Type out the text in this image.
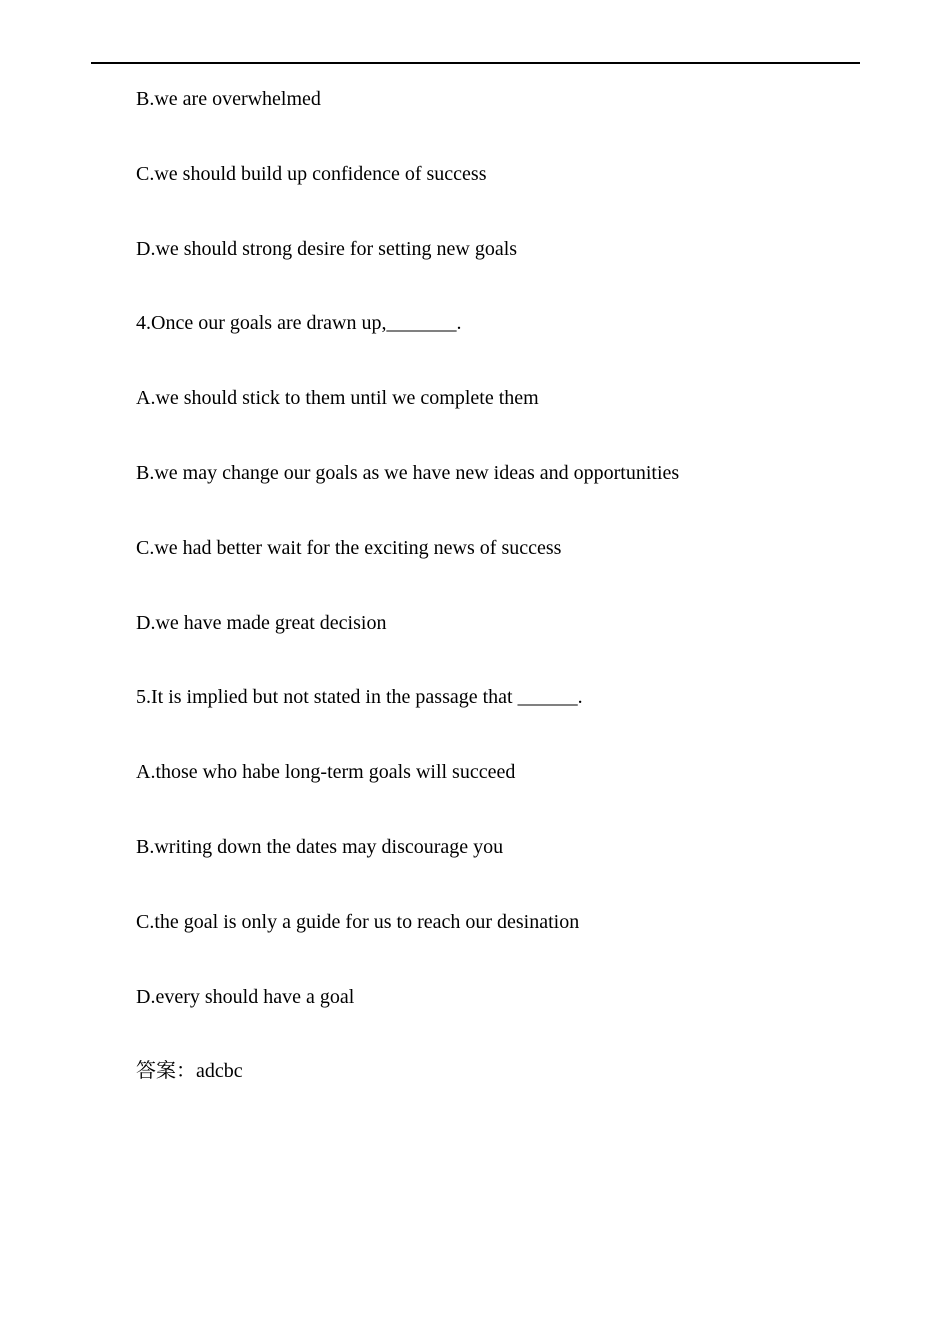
B.we are overwhelmed
C.we should build up confidence of success
D.we should strong desire for setting new goals
4.Once our goals are drawn up,_______.
A.we should stick to them until we complete them
B.we may change our goals as we have new ideas and opportunities
C.we had better wait for the exciting news of success
D.we have made great decision
5.It is implied but not stated in the passage that ______.
A.those who habe long-term goals will succeed
B.writing down the dates may discourage you
C.the goal is only a guide for us to reach our desination
D.every should have a goal
答案：adcbc
